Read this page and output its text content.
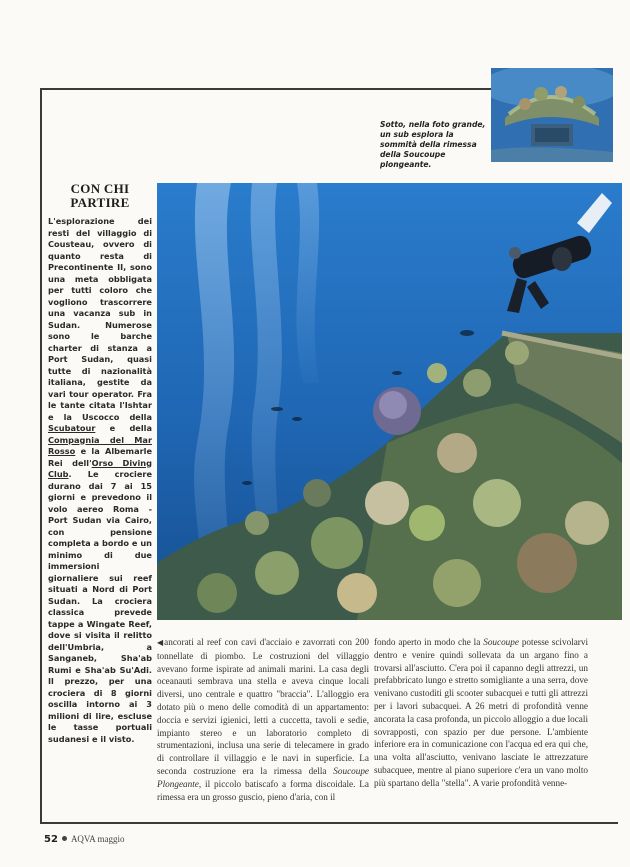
Sotto, nella foto grande, un sub esplora la sommità della rimessa della Soucoupe plongeante.
CON CHI
PARTIRE

L'esplorazione dei resti del villaggio di Cousteau, ovvero di quanto resta di Precontinente II, sono una meta obbligata per tutti coloro che vogliono trascorrere una vacanza sub in Sudan. Numerose sono le barche charter di stanza a Port Sudan, quasi tutte di nazionalità italiana, gestite da vari tour operator. Fra le tante citata l'Ishtar e la Uscocco della Scubatour e della Compagnia del Mar Rosso e la Albemarle Rei dell'Orso Diving Club. Le crociere durano dai 7 ai 15 giorni e prevedono il volo aereo Roma - Port Sudan via Cairo, con pensione completa a bordo e un minimo di due immersioni giornaliere sui reef situati a Nord di Port Sudan. La crociera classica prevede tappe a Wingate Reef, dove si visita il relitto dell'Umbria, a Sanganeb, Sha'ab Rumi e Sha'ab Su'Adi. Il prezzo, per una crociera di 8 giorni oscilla intorno ai 3 milioni di lire, escluse le tasse portuali sudanesi e il visto.

◀ancorati al reef con cavi d'acciaio e zavorrati con 200 tonnellate di piombo. Le costruzioni del villaggio avevano forme ispirate ad animali marini. La casa degli oceanauti sembrava una stella e aveva cinque locali diversi, uno centrale e quattro "braccia". L'alloggio era dotato più o meno delle comodità di un appartamento: doccia e servizi igienici, letti a cuccetta, tavoli e sedie, impianto stereo e un laboratorio completo di strumentazioni, inclusa una serie di telecamere in grado di controllare il villaggio e le navi in superficie. La seconda costruzione era la rimessa della Soucoupe Plongeante, il piccolo batiscafo a forma discoidale. La rimessa era un grosso guscio, pieno d'aria, con il
fondo aperto in modo che la Soucoupe potesse scivolarvi dentro e venire quindi sollevata da un argano fino a trovarsi all'asciutto. C'era poi il capanno degli attrezzi, un prefabbricato lungo e stretto somigliante a una serra, dove venivano custoditi gli scooter subacquei e tutti gli attrezzi per i lavori subacquei. A 26 metri di profondità venne ancorata la casa profonda, un piccolo alloggio a due locali sovrapposti, con spazio per due persone. L'ambiente inferiore era in comunicazione con l'acqua ed era qui che, una volta all'asciutto, venivano lasciate le attrezzature subacquee, mentre al piano superiore c'era un vano molto più spartano della "stella". A varie profondità venne-
52 AQVA maggio
